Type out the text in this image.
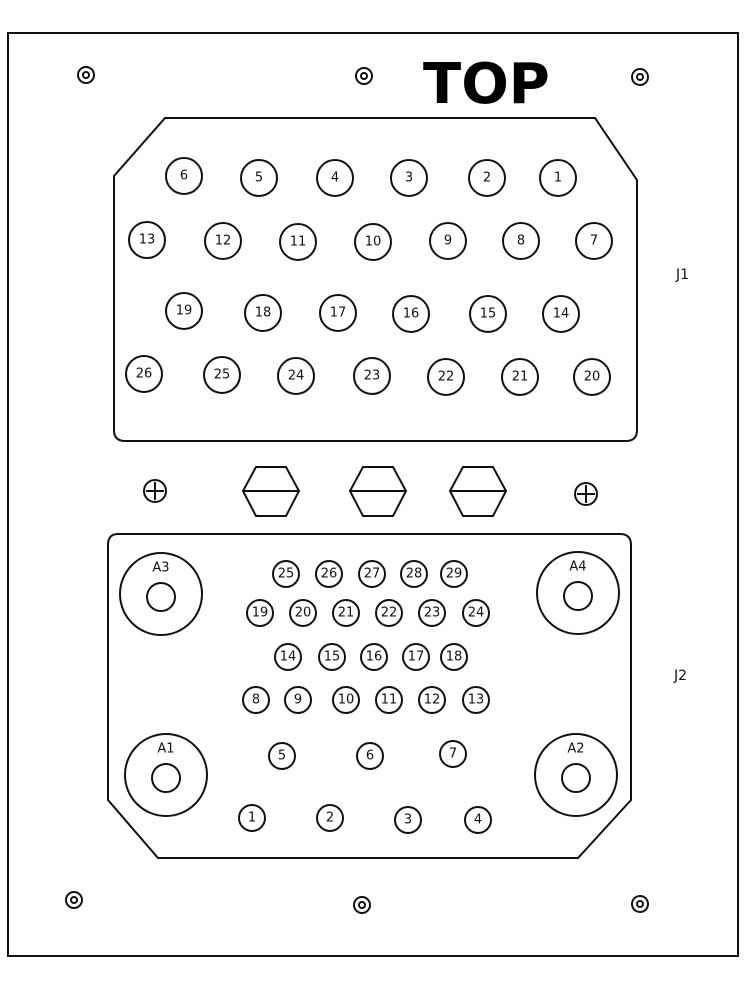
TOP
J1
J2
1
2
3
4
5
6
7
8
9
10
11
12
13
14
15
16
17
18
19
20
21
22
23
24
25
26
1	2	3	4
5	6	7
8	9	10 11 12 13
14 15 16 17 18
19 20 21 22 23 24
25 26 27 28 29
A1	A2
A3	A4
